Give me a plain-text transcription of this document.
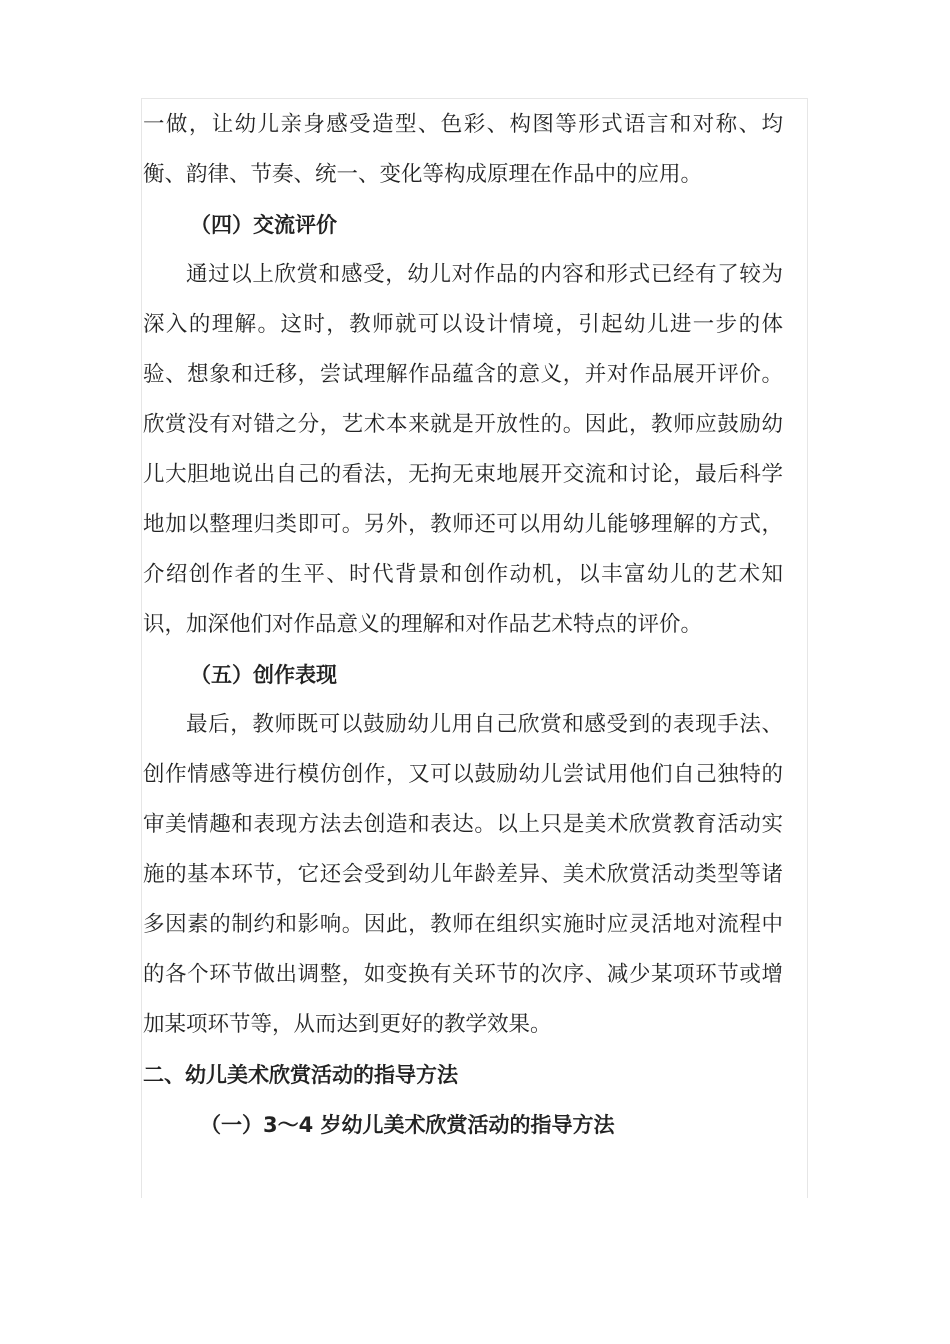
一做，让幼儿亲身感受造型、色彩、构图等形式语言和对称、均衡、韵律、节奏、统一、变化等构成原理在作品中的应用。

（四）交流评价

通过以上欣赏和感受，幼儿对作品的内容和形式已经有了较为深入的理解。这时，教师就可以设计情境，引起幼儿进一步的体验、想象和迁移，尝试理解作品蕴含的意义，并对作品展开评价。欣赏没有对错之分，艺术本来就是开放性的。因此，教师应鼓励幼儿大胆地说出自己的看法，无拘无束地展开交流和讨论，最后科学地加以整理归类即可。另外，教师还可以用幼儿能够理解的方式，介绍创作者的生平、时代背景和创作动机，以丰富幼儿的艺术知识，加深他们对作品意义的理解和对作品艺术特点的评价。

（五）创作表现

最后，教师既可以鼓励幼儿用自己欣赏和感受到的表现手法、创作情感等进行模仿创作，又可以鼓励幼儿尝试用他们自己独特的审美情趣和表现方法去创造和表达。以上只是美术欣赏教育活动实施的基本环节，它还会受到幼儿年龄差异、美术欣赏活动类型等诸多因素的制约和影响。因此，教师在组织实施时应灵活地对流程中的各个环节做出调整，如变换有关环节的次序、减少某项环节或增加某项环节等，从而达到更好的教学效果。

二、幼儿美术欣赏活动的指导方法

（一）3～4 岁幼儿美术欣赏活动的指导方法
